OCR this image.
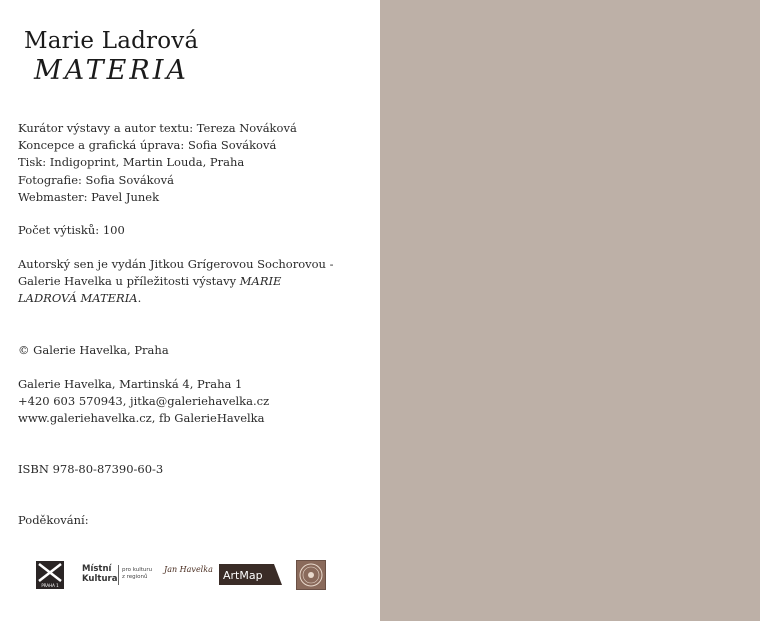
Marie Ladrová
MATERIA
Kurátor výstavy a autor textu: Tereza Nováková
Koncepce a grafická úprava: Sofia Sováková
Tisk: Indigoprint, Martin Louda, Praha
Fotografie: Sofia Sováková
Webmaster: Pavel Junek
Počet výtisků: 100
Autorský sen je vydán Jitkou Grígerovou Sochorovou - Galerie Havelka u příležitosti výstavy MARIE LADROVÁ MATERIA.
© Galerie Havelka, Praha
Galerie Havelka, Martinská 4, Praha 1
+420 603 570943, jitka@galeriehavelka.cz
www.galeriehavelka.cz, fb GalerieHavelka
ISBN 978-80-87390-60-3
Poděkování:
PRAHA 1
Místní
Kultura
pro kulturu
z regionů
Jan Havelka ArtMap
